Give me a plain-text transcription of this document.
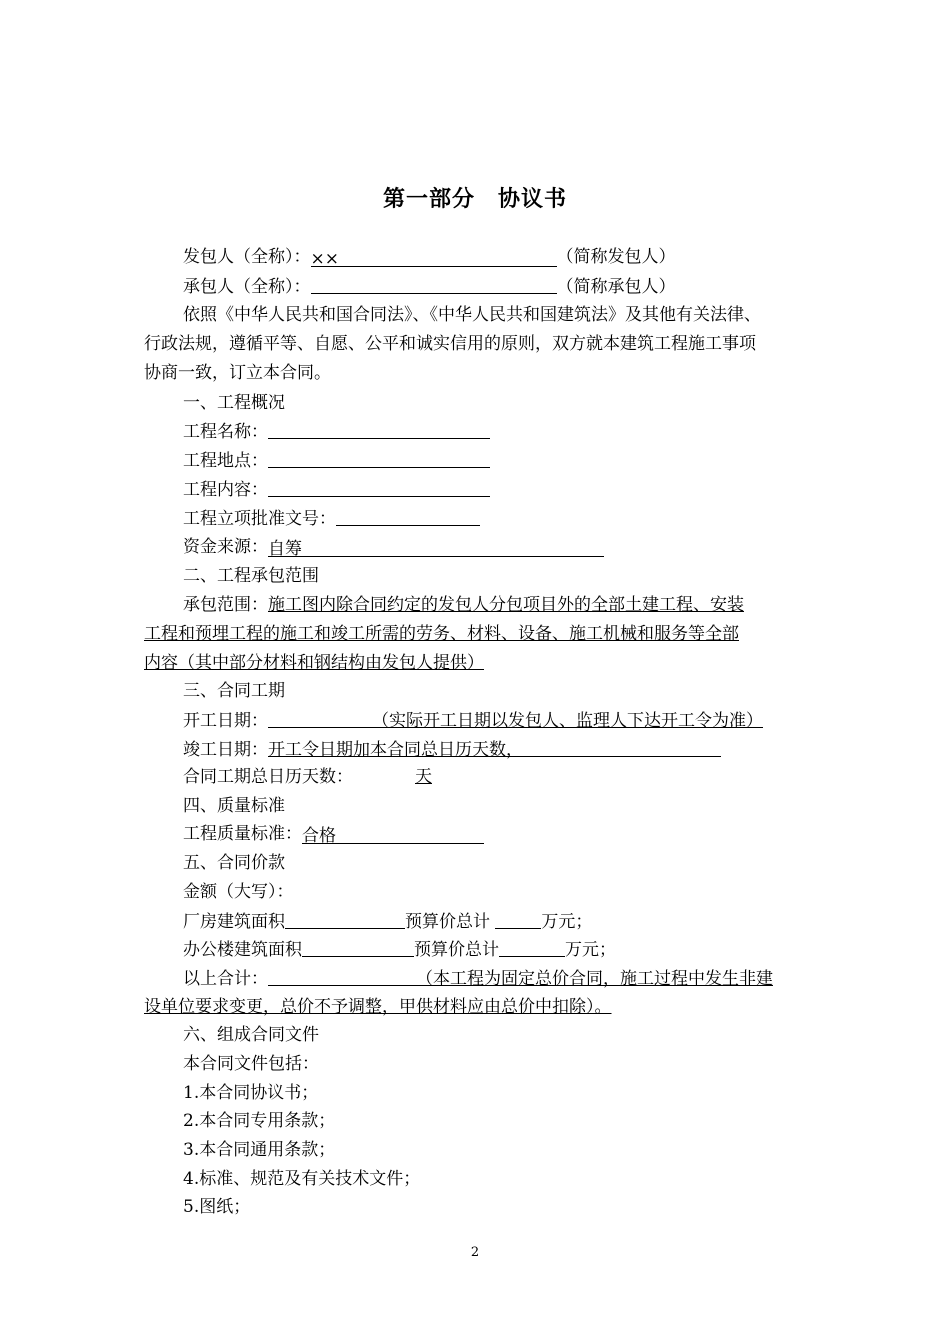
第一部分　协议书
发包人（全称）：××	（简称发包人）
承包人（全称）：	（简称承包人）
依照《中华人民共和国合同法》、《中华人民共和国建筑法》及其他有关法律、
行政法规，遵循平等、自愿、公平和诚实信用的原则，双方就本建筑工程施工事项
协商一致，订立本合同。
一、工程概况
工程名称：
工程地点：
工程内容：
工程立项批准文号：
资金来源：自筹
二、工程承包范围
承包范围：施工图内除合同约定的发包人分包项目外的全部土建工程、安装
工程和预埋工程的施工和竣工所需的劳务、材料、设备、施工机械和服务等全部
内容（其中部分材料和钢结构由发包人提供）
三、合同工期
开工日期：	（实际开工日期以发包人、监理人下达开工令为准）
竣工日期：开工令日期加本合同总日历天数，
合同工期总日历天数：	天
四、质量标准
工程质量标准：合格
五、合同价款
金额（大写）：
厂房建筑面积	预算价总计	万元；
办公楼建筑面积	预算价总计	万元；
以上合计：	（本工程为固定总价合同，施工过程中发生非建
设单位要求变更，总价不予调整，甲供材料应由总价中扣除）。
六、组成合同文件
本合同文件包括：
1.本合同协议书；
2.本合同专用条款；
3.本合同通用条款；
4.标准、规范及有关技术文件；
5.图纸；
2
